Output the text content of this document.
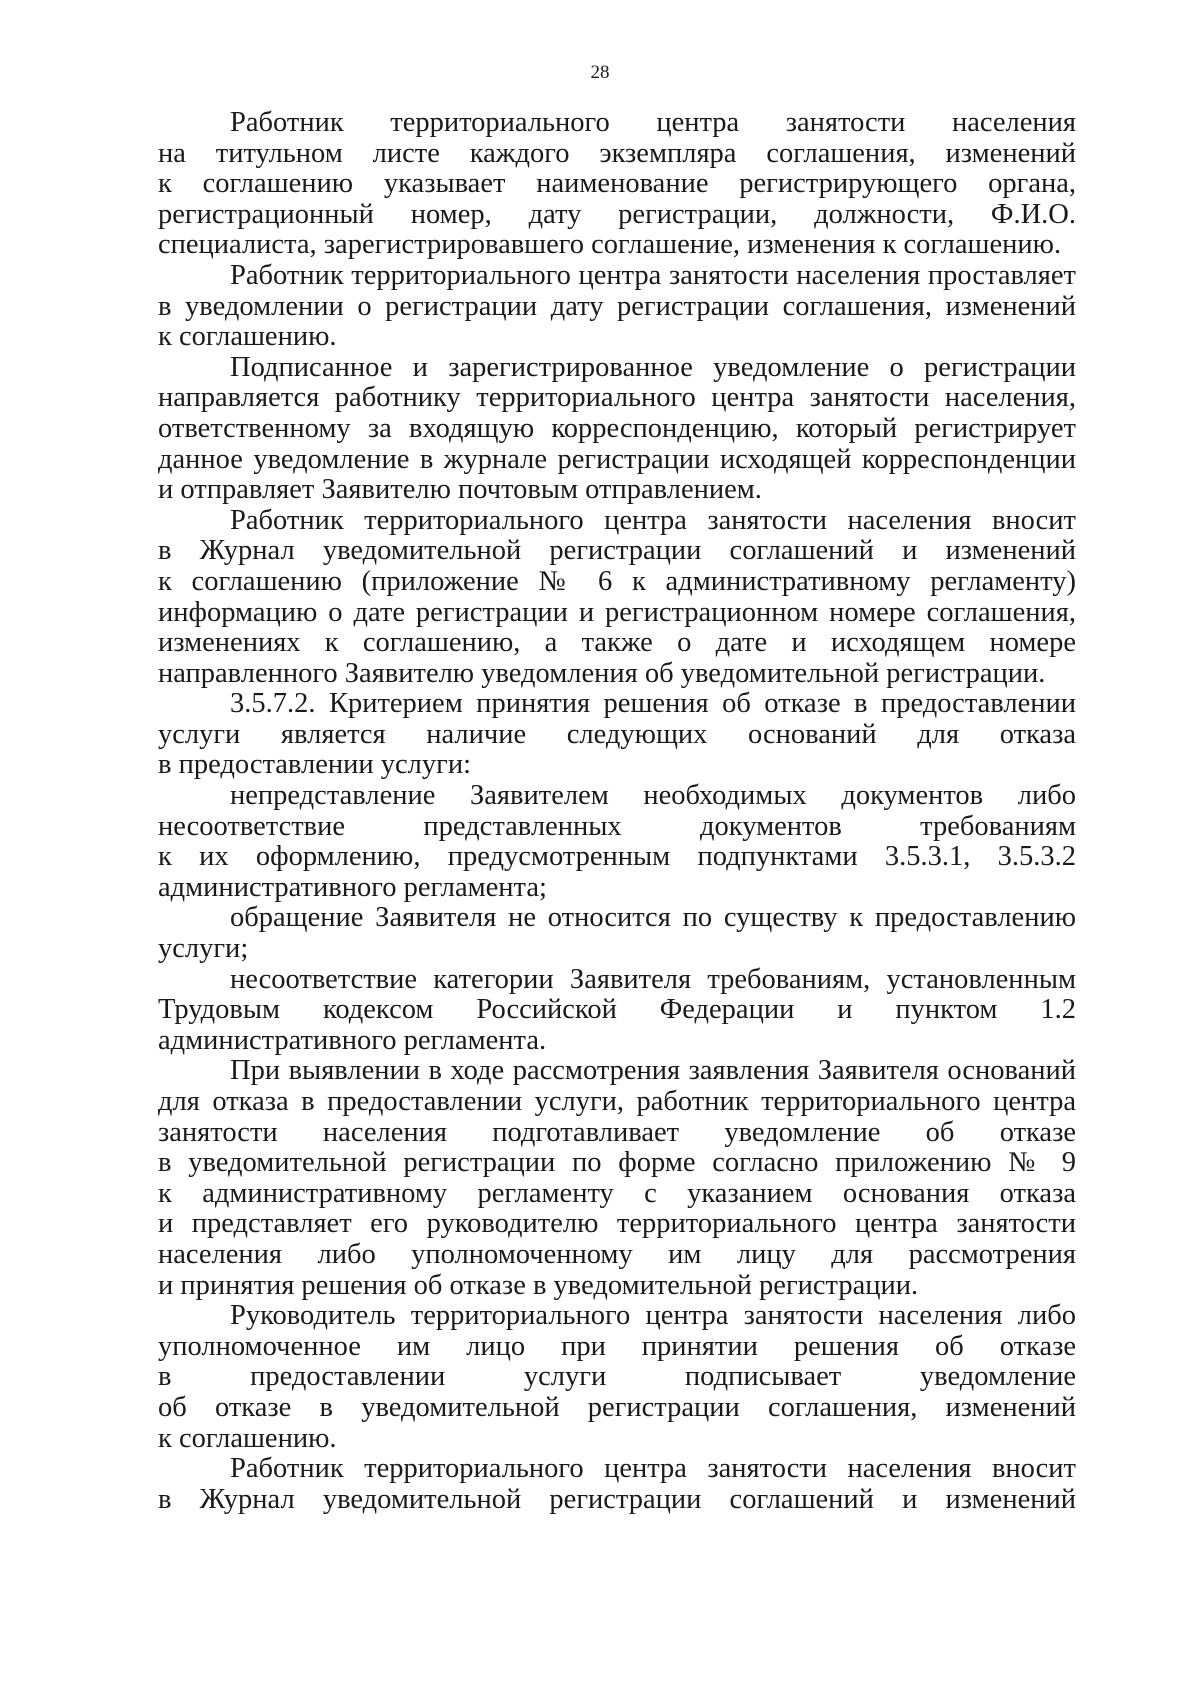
28
Работник территориального центра занятости населения
на титульном листе каждого экземпляра соглашения, изменений
к соглашению указывает наименование регистрирующего органа,
регистрационный номер, дату регистрации, должности, Ф.И.О.
специалиста, зарегистрировавшего соглашение, изменения к соглашению.
Работник территориального центра занятости населения проставляет
в уведомлении о регистрации дату регистрации соглашения, изменений
к соглашению.
Подписанное и зарегистрированное уведомление о регистрации
направляется работнику территориального центра занятости населения,
ответственному за входящую корреспонденцию, который регистрирует
данное уведомление в журнале регистрации исходящей корреспонденции
и отправляет Заявителю почтовым отправлением.
Работник территориального центра занятости населения вносит
в Журнал уведомительной регистрации соглашений и изменений
к соглашению (приложение № 6 к административному регламенту)
информацию о дате регистрации и регистрационном номере соглашения,
изменениях к соглашению, а также о дате и исходящем номере
направленного Заявителю уведомления об уведомительной регистрации.
3.5.7.2. Критерием принятия решения об отказе в предоставлении
услуги является наличие следующих оснований для отказа
в предоставлении услуги:
непредставление Заявителем необходимых документов либо
несоответствие представленных документов требованиям
к их оформлению, предусмотренным подпунктами 3.5.3.1, 3.5.3.2
административного регламента;
обращение Заявителя не относится по существу к предоставлению
услуги;
несоответствие категории Заявителя требованиям, установленным
Трудовым кодексом Российской Федерации и пунктом 1.2
административного регламента.
При выявлении в ходе рассмотрения заявления Заявителя оснований
для отказа в предоставлении услуги, работник территориального центра
занятости населения подготавливает уведомление об отказе
в уведомительной регистрации по форме согласно приложению № 9
к административному регламенту с указанием основания отказа
и представляет его руководителю территориального центра занятости
населения либо уполномоченному им лицу для рассмотрения
и принятия решения об отказе в уведомительной регистрации.
Руководитель территориального центра занятости населения либо
уполномоченное им лицо при принятии решения об отказе
в предоставлении услуги подписывает уведомление
об отказе в уведомительной регистрации соглашения, изменений
к соглашению.
Работник территориального центра занятости населения вносит
в Журнал уведомительной регистрации соглашений и изменений
